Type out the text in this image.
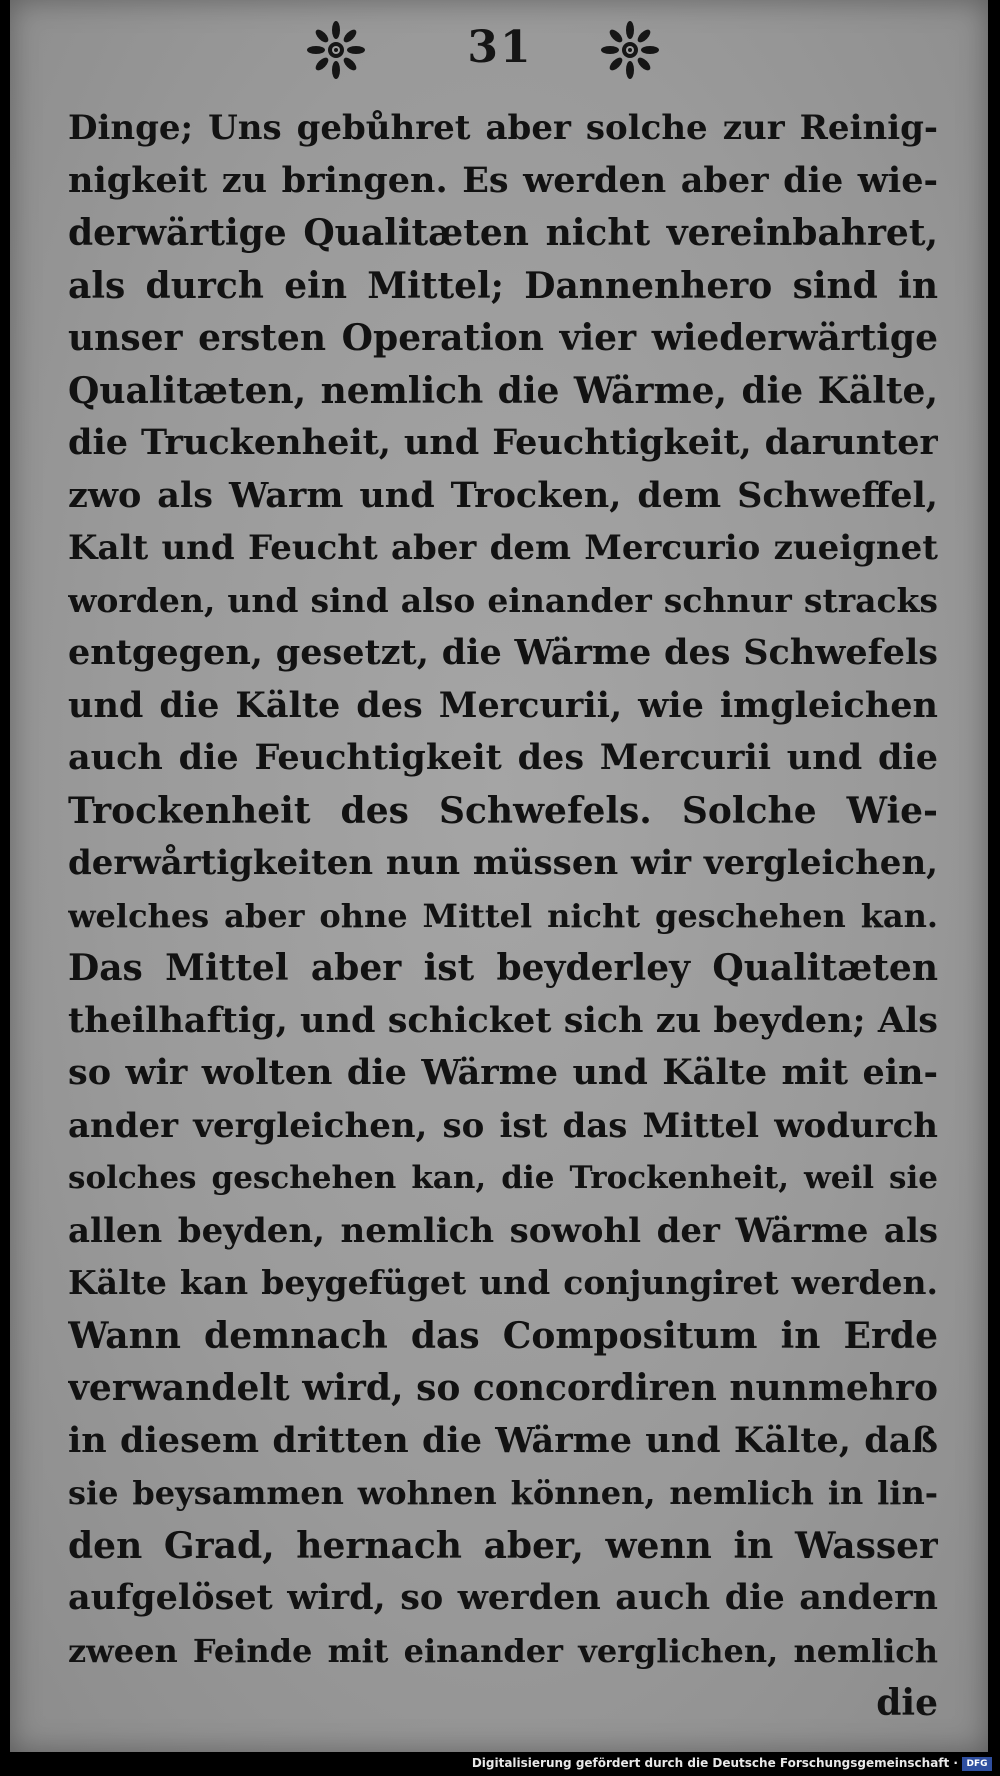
31
Dinge; Uns gebůhret aber solche zur Reinig-
nigkeit zu bringen. Es werden aber die wie-
derwärtige Qualitæten nicht vereinbahret,
als durch ein Mittel; Dannenhero sind in
unser ersten Operation vier wiederwärtige
Qualitæten, nemlich die Wärme, die Kälte,
die Truckenheit, und Feuchtigkeit, darunter
zwo als Warm und Trocken, dem Schweffel,
Kalt und Feucht aber dem Mercurio zueignet
worden, und sind also einander schnur stracks
entgegen, gesetzt, die Wärme des Schwefels
und die Kälte des Mercurii, wie imgleichen
auch die Feuchtigkeit des Mercurii und die
Trockenheit des Schwefels. Solche Wie-
derwårtigkeiten nun müssen wir vergleichen,
welches aber ohne Mittel nicht geschehen kan.
Das Mittel aber ist beyderley Qualitæten
theilhaftig, und schicket sich zu beyden; Als
so wir wolten die Wärme und Kälte mit ein-
ander vergleichen, so ist das Mittel wodurch
solches geschehen kan, die Trockenheit, weil sie
allen beyden, nemlich sowohl der Wärme als
Kälte kan beygefüget und conjungiret werden.
Wann demnach das Compositum in Erde
verwandelt wird, so concordiren nunmehro
in diesem dritten die Wärme und Kälte, daß
sie beysammen wohnen können, nemlich in lin-
den Grad, hernach aber, wenn in Wasser
aufgelöset wird, so werden auch die andern
zween Feinde mit einander verglichen, nemlich
die
Digitalisierung gefördert durch die Deutsche Forschungsgemeinschaft · DFG
